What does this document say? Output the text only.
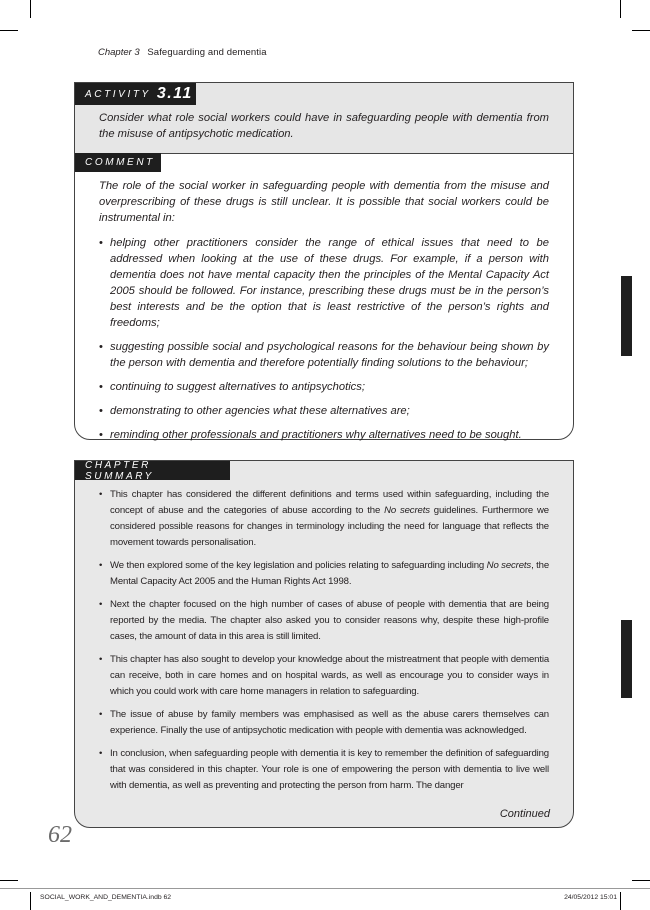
Chapter 3 Safeguarding and dementia
Consider what role social workers could have in safeguarding people with dementia from the misuse of antipsychotic medication.
ACTIVITY 3.11
COMMENT
The role of the social worker in safeguarding people with dementia from the misuse and overprescribing of these drugs is still unclear. It is possible that social workers could be instrumental in:
• helping other practitioners consider the range of ethical issues that need to be addressed when looking at the use of these drugs. For example, if a person with dementia does not have mental capacity then the principles of the Mental Capacity Act 2005 should be followed. For instance, prescribing these drugs must be in the person’s best interests and be the option that is least restrictive of the person’s rights and freedoms;
• suggesting possible social and psychological reasons for the behaviour being shown by the person with dementia and therefore potentially finding solutions to the behaviour;
• continuing to suggest alternatives to antipsychotics;
• demonstrating to other agencies what these alternatives are;
• reminding other professionals and practitioners why alternatives need to be sought.
CHAPTER SUMMARY
• This chapter has considered the different definitions and terms used within safeguarding, including the concept of abuse and the categories of abuse according to the No secrets guidelines. Furthermore we considered possible reasons for changes in terminology including the need for language that reflects the movement towards personalisation.
• We then explored some of the key legislation and policies relating to safeguarding including No secrets, the Mental Capacity Act 2005 and the Human Rights Act 1998.
• Next the chapter focused on the high number of cases of abuse of people with dementia that are being reported by the media. The chapter also asked you to consider reasons why, despite these high-profile cases, the amount of data in this area is still limited.
• This chapter has also sought to develop your knowledge about the mistreatment that people with dementia can receive, both in care homes and on hospital wards, as well as encourage you to consider ways in which you could work with care home managers in relation to safeguarding.
• The issue of abuse by family members was emphasised as well as the abuse carers themselves can experience. Finally the use of antipsychotic medication with people with dementia was acknowledged.
• In conclusion, when safeguarding people with dementia it is key to remember the definition of safeguarding that was considered in this chapter. Your role is one of empowering the person with dementia to live well with dementia, as well as preventing and protecting the person from harm. The danger
Continued
62
SOCIAL_WORK_AND_DEMENTIA.indb 62	24/05/2012 15:01
